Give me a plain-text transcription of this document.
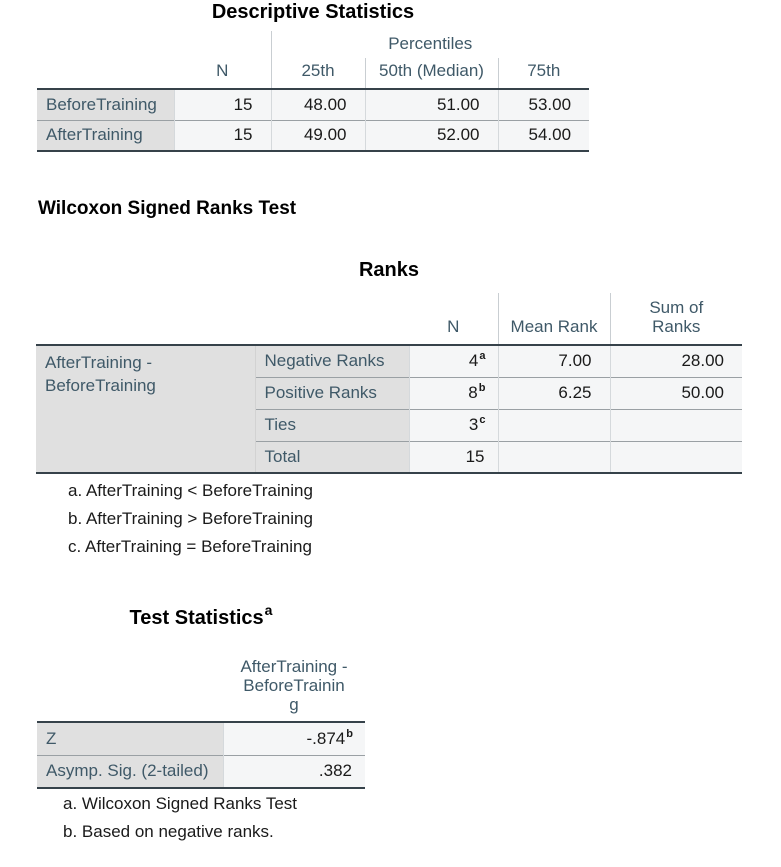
Descriptive Statistics
		Percentiles		
	N	25th	50th (Median)	75th
BeforeTraining	15	48.00	51.00	53.00
AfterTraining	15	49.00	52.00	54.00
Wilcoxon Signed Ranks Test
Ranks
		N	Mean Rank	Sum of
Ranks

AfterTraining -
BeforeTraining	Negative Ranks	4$^a$	7.00	28.00
	Positive Ranks	8$^b$	6.25	50.00
	Ties	3$^c$		
	Total	15		
a. AfterTraining < BeforeTraining
b. AfterTraining > BeforeTraining
c. AfterTraining = BeforeTraining
Test Statistics$^a$

	AfterTraining -
BeforeTrainin
g

Z	-.874$^b$
Asymp. Sig. (2-tailed)	.382
a. Wilcoxon Signed Ranks Test
b. Based on negative ranks.
